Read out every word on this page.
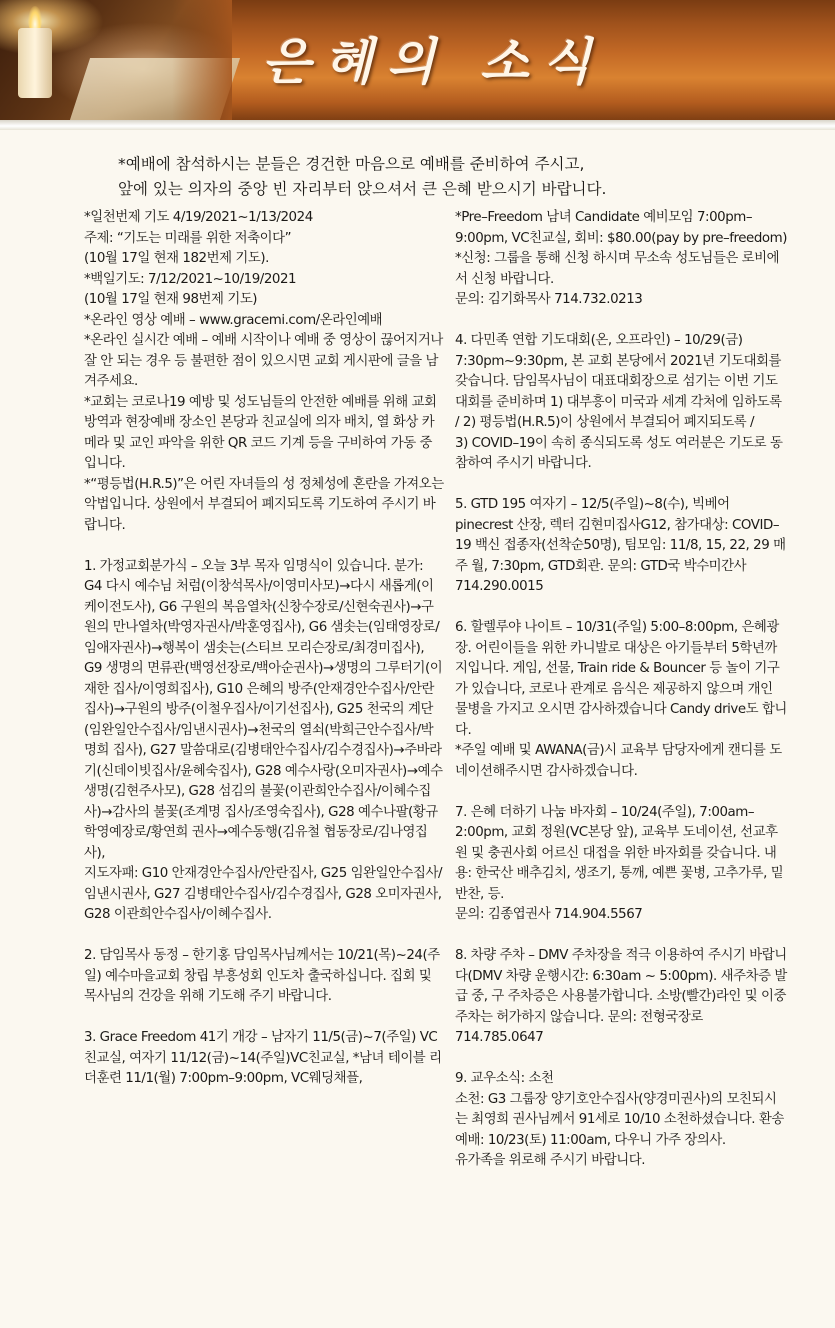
은혜의 소식

*예배에 참석하시는 분들은 경건한 마음으로 예배를 준비하여 주시고,

앞에 있는 의자의 중앙 빈 자리부터 앉으셔서 큰 은혜 받으시기 바랍니다.

*일천번제 기도 4/19/2021~1/13/2024

주제: “기도는 미래를 위한 저축이다”

(10월 17일 현재 182번제 기도).

*백일기도: 7/12/2021~10/19/2021

(10월 17일 현재 98번제 기도)

*온라인 영상 예배 – www.gracemi.com/온라인예배

*온라인 실시간 예배 – 예배 시작이나 예배 중 영상이 끊어지거나 잘 안 되는 경우 등 불편한 점이 있으시면 교회 게시판에 글을 남겨주세요.

*교회는 코로나19 예방 및 성도님들의 안전한 예배를 위해 교회 방역과 현장예배 장소인 본당과 친교실에 의자 배치, 열 화상 카메라 및 교인 파악을 위한 QR 코드 기계 등을 구비하여 가동 중 입니다.

*“평등법(H.R.5)”은 어린 자녀들의 성 정체성에 혼란을 가져오는 악법입니다. 상원에서 부결되어 폐지되도록 기도하여 주시기 바랍니다.

1. 가정교회분가식 – 오늘 3부 목자 임명식이 있습니다. 분가: G4 다시 예수님 처럼(이창석목사/이영미사모)→다시 새롭게(이케이전도사), G6 구원의 복음열차(신창수장로/신현숙권사)→구원의 만나열차(박영자권사/박훈영집사), G6 샘솟는(임태영장로/임애자권사)→행복이 샘솟는(스티브 모리슨장로/최경미집사), G9 생명의 면류관(백영선장로/백아순권사)→생명의 그루터기(이재한 집사/이영희집사), G10 은혜의 방주(안재경안수집사/안란집사)→구원의 방주(이철우집사/이기선집사), G25 천국의 계단(임완일안수집사/임낸시권사)→천국의 열쇠(박희근안수집사/박명희 집사), G27 말씀대로(김병태안수집사/김수경집사)→주바라기(신데이빗집사/윤혜숙집사), G28 예수사랑(오미자권사)→예수생명(김현주사모), G28 섬김의 불꽃(이관희안수집사/이혜수집사)→감사의 불꽃(조계명 집사/조영숙집사), G28 예수나팔(황규학영예장로/황연희 권사→예수동행(김유철 협동장로/김나영집사),

지도자패: G10 안재경안수집사/안란집사, G25 임완일안수집사/임낸시권사, G27 김병태안수집사/김수경집사, G28 오미자권사, G28 이관희안수집사/이혜수집사.

2. 담임목사 동정 – 한기홍 담임목사님께서는 10/21(목)~24(주일) 예수마을교회 창립 부흥성회 인도차 출국하십니다. 집회 및 목사님의 건강을 위해 기도해 주기 바랍니다.

3. Grace Freedom 41기 개강 – 남자기 11/5(금)~7(주일) VC친교실, 여자기 11/12(금)~14(주일)VC친교실, *남녀 테이블 리더훈련 11/1(월) 7:00pm–9:00pm, VC웨딩채플,

*Pre–Freedom 남녀 Candidate 예비모임 7:00pm–9:00pm, VC친교실, 회비: $80.00(pay by pre–freedom) *신청: 그룹을 통해 신청 하시며 무소속 성도님들은 로비에서 신청 바랍니다.

문의: 김기화목사 714.732.0213

4. 다민족 연합 기도대회(온, 오프라인) – 10/29(금) 7:30pm~9:30pm, 본 교회 본당에서 2021년 기도대회를 갖습니다. 담임목사님이 대표대회장으로 섬기는 이번 기도대회를 준비하며 1) 대부흥이 미국과 세계 각처에 임하도록 / 2) 평등법(H.R.5)이 상원에서 부결되어 폐지되도록 /

3) COVID–19이 속히 종식되도록 성도 여러분은 기도로 동참하여 주시기 바랍니다.

5. GTD 195 여자기 – 12/5(주일)~8(수), 빅베어 pinecrest 산장, 렉터 김현미집사G12, 참가대상: COVID–19 백신 접종자(선착순50명), 팀모임: 11/8, 15, 22, 29 매주 월, 7:30pm, GTD회관. 문의: GTD국 박수미간사 714.290.0015

6. 할렐루야 나이트 – 10/31(주일) 5:00–8:00pm, 은혜광장. 어린이들을 위한 카니발로 대상은 아기들부터 5학년까지입니다. 게임, 선물, Train ride & Bouncer 등 놀이 기구가 있습니다, 코로나 관계로 음식은 제공하지 않으며 개인 물병을 가지고 오시면 감사하겠습니다 Candy drive도 합니다.

*주일 예배 및 AWANA(금)시 교육부 담당자에게 캔디를 도네이션해주시면 감사하겠습니다.

7. 은혜 더하기 나눔 바자회 – 10/24(주일), 7:00am–2:00pm, 교회 정원(VC본당 앞), 교육부 도네이션, 선교후원 및 충권사회 어르신 대접을 위한 바자회를 갖습니다. 내용: 한국산 배추김치, 생조기, 통깨, 예쁜 꽃병, 고추가루, 밑반찬, 등.

문의: 김종엽권사 714.904.5567

8. 차량 주차 – DMV 주차장을 적극 이용하여 주시기 바랍니다(DMV 차량 운행시간: 6:30am ~ 5:00pm). 새주차증 발급 중, 구 주차증은 사용불가합니다. 소방(빨간)라인 및 이중주차는 허가하지 않습니다. 문의: 전형국장로 714.785.0647

9. 교우소식: 소천

소천: G3 그룹장 양기호안수집사(양경미권사)의 모친되시는 최영희 권사님께서 91세로 10/10 소천하셨습니다. 환송예배: 10/23(토) 11:00am, 다우니 가주 장의사.

유가족을 위로해 주시기 바랍니다.
